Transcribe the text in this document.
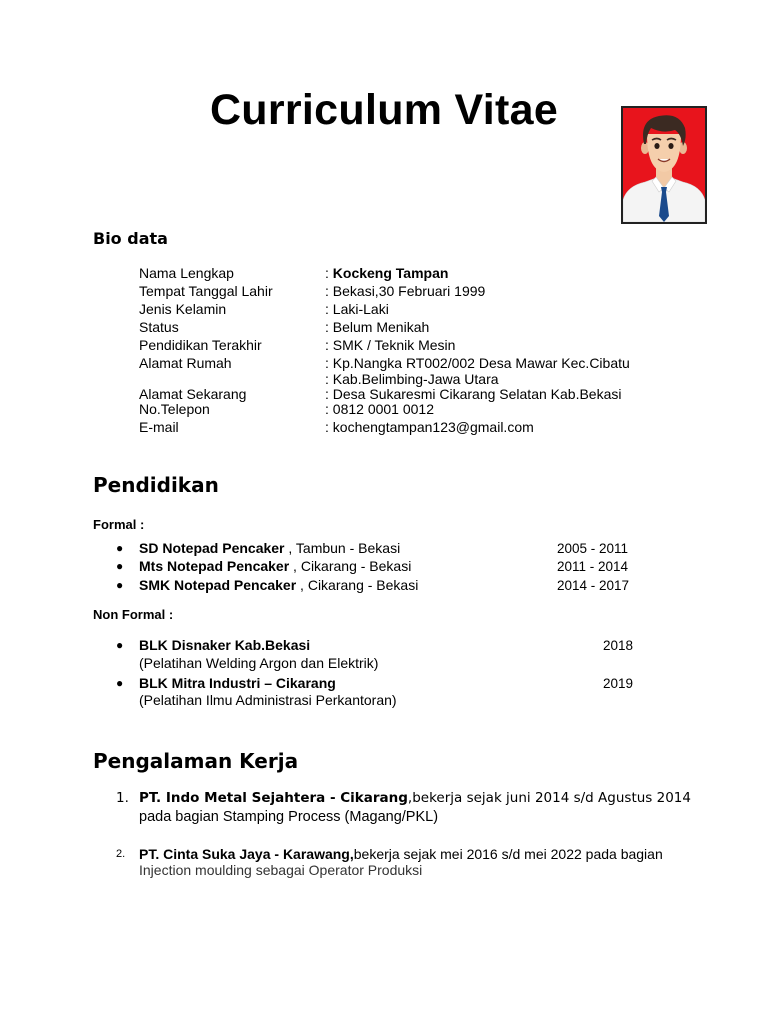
Curriculum Vitae
Bio data
Nama Lengkap	: Kockeng Tampan
Tempat Tanggal Lahir	: Bekasi,30 Februari 1999
Jenis Kelamin	: Laki-Laki
Status	: Belum Menikah
Pendidikan Terakhir	: SMK / Teknik Mesin
Alamat Rumah	: Kp.Nangka RT002/002 Desa Mawar Kec.Cibatu
: Kab.Belimbing-Jawa Utara
Alamat Sekarang	: Desa Sukaresmi Cikarang Selatan Kab.Bekasi
No.Telepon	: 0812 0001 0012
E-mail	: kochengtampan123@gmail.com
Pendidikan
Formal :
● SD Notepad Pencaker , Tambun - Bekasi	2005 - 2011
● Mts Notepad Pencaker , Cikarang - Bekasi	2011 - 2014
● SMK Notepad Pencaker , Cikarang - Bekasi	2014 - 2017
Non Formal :
● BLK Disnaker Kab.Bekasi	2018
(Pelatihan Welding Argon dan Elektrik)
● BLK Mitra Industri – Cikarang	2019
(Pelatihan Ilmu Administrasi Perkantoran)
Pengalaman Kerja
1. PT. Indo Metal Sejahtera - Cikarang,bekerja sejak juni 2014 s/d Agustus 2014
pada bagian Stamping Process (Magang/PKL)
2. PT. Cinta Suka Jaya - Karawang,bekerja sejak mei 2016 s/d mei 2022 pada bagian
Injection moulding sebagai Operator Produksi
